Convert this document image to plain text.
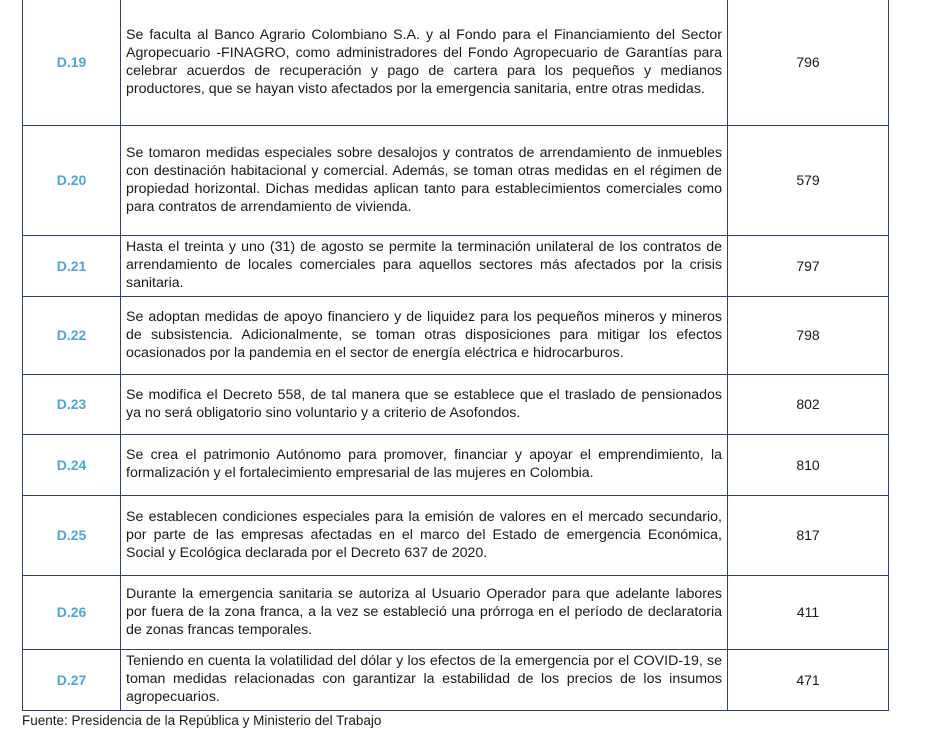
D.19	Se faculta al Banco Agrario Colombiano S.A. y al Fondo para el Financiamiento del Sector Agropecuario -FINAGRO, como administradores del Fondo Agropecuario de Garantías para celebrar acuerdos de recuperación y pago de cartera para los pequeños y medianos productores, que se hayan visto afectados por la emergencia sanitaria, entre otras medidas.	796
D.20	Se tomaron medidas especiales sobre desalojos y contratos de arrendamiento de inmuebles con destinación habitacional y comercial. Además, se toman otras medidas en el régimen de propiedad horizontal. Dichas medidas aplican tanto para establecimientos comerciales como para contratos de arrendamiento de vivienda.	579
D.21	Hasta el treinta y uno (31) de agosto se permite la terminación unilateral de los contratos de arrendamiento de locales comerciales para aquellos sectores más afectados por la crisis sanitaria.	797
D.22	Se adoptan medidas de apoyo financiero y de liquidez para los pequeños mineros y mineros de subsistencia. Adicionalmente, se toman otras disposiciones para mitigar los efectos ocasionados por la pandemia en el sector de energía eléctrica e hidrocarburos.	798
D.23	Se modifica el Decreto 558, de tal manera que se establece que el traslado de pensionados ya no será obligatorio sino voluntario y a criterio de Asofondos.	802
D.24	Se crea el patrimonio Autónomo para promover, financiar y apoyar el emprendimiento, la formalización y el fortalecimiento empresarial de las mujeres en Colombia.	810
D.25	Se establecen condiciones especiales para la emisión de valores en el mercado secundario, por parte de las empresas afectadas en el marco del Estado de emergencia Económica, Social y Ecológica declarada por el Decreto 637 de 2020.	817
D.26	Durante la emergencia sanitaria se autoriza al Usuario Operador para que adelante labores por fuera de la zona franca, a la vez se estableció una prórroga en el período de declaratoria de zonas francas temporales.	411
D.27	Teniendo en cuenta la volatilidad del dólar y los efectos de la emergencia por el COVID-19, se toman medidas relacionadas con garantizar la estabilidad de los precios de los insumos agropecuarios.	471
Fuente: Presidencia de la República y Ministerio del Trabajo
